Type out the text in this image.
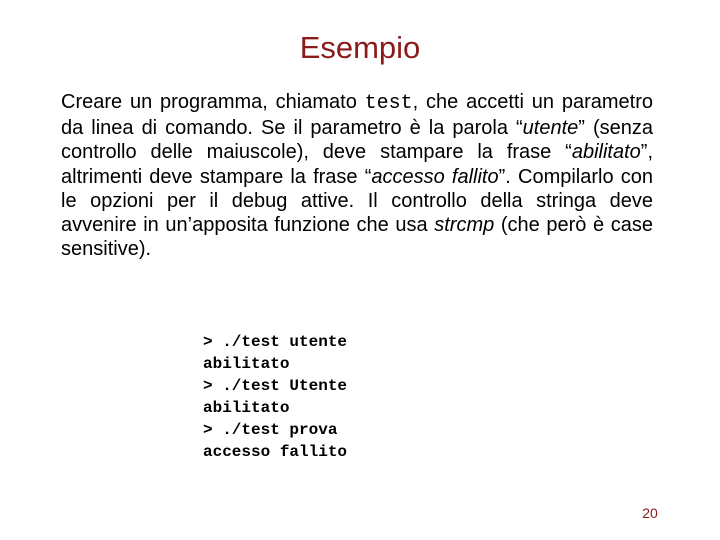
Esempio
Creare un programma, chiamato test, che accetti un parametro da linea di comando. Se il parametro è la parola “utente” (senza controllo delle maiuscole), deve stampare la frase “abilitato”, altrimenti deve stampare la frase “accesso fallito”. Compilarlo con le opzioni per il debug attive. Il controllo della stringa deve avvenire in un’apposita funzione che usa strcmp (che però è case sensitive).
> ./test utente
abilitato
> ./test Utente
abilitato
> ./test prova
accesso fallito
20
